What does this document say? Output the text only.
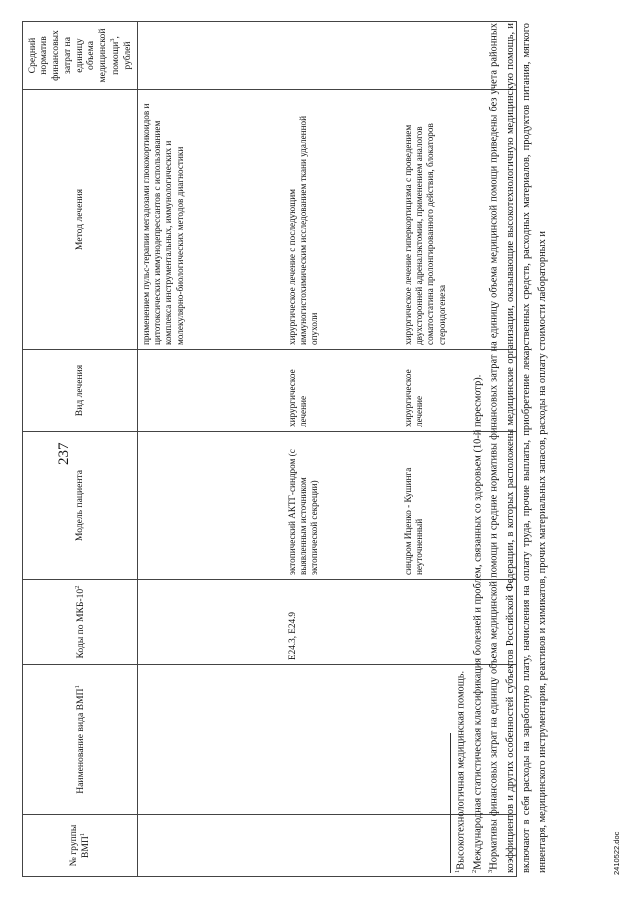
237
№ группы ВМП$^1$	Наименование вида ВМП$^1$	Коды по МКБ-$10^2$	Модель пациента	Вид лечения	Метод лечения	Средний норматив финансовых затрат на единицу объема медицинской помощи$^3$, рублей
					применением пульс-терапии мегадозами глюкокортикоидов и цитотоксических иммунодепрессантов с использованием комплекса инструментальных, иммунологических и молекулярно-биологических методов диагностики	
		E24.3, E24.9	эктопический АКТГ-синдром (с выявленным источником эктопической секреции)	хирургическое лечение	хирургическое лечение с последующим иммуногистохимическим исследованием ткани удаленной опухоли	
			синдром Иценко - Кушинга неуточненный	хирургическое лечение	хирургическое лечение гиперкортицизма с проведением двухсторонней адреналэктомии, применением аналогов соматостатина пролонгированного действия, блокаторов стероидогенеза	

$^1$Высокотехнологичная медицинская помощь.

$^2$Международная статистическая классификация болезней и проблем, связанных со здоровьем (10-й пересмотр).

$^3$Нормативы финансовых затрат на единицу объема медицинской помощи и средние нормативы финансовых затрат на единицу объема медицинской помощи приведены без учета районных коэффициентов и других особенностей субъектов Российской Федерации, в которых расположены медицинские организации, оказывающие высокотехнологичную медицинскую помощь, и включают в себя расходы на заработную плату, начисления на оплату труда, прочие выплаты, приобретение лекарственных средств, расходных материалов, продуктов питания, мягкого инвентаря, медицинского инструментария, реактивов и химикатов, прочих материальных запасов, расходы на оплату стоимости лабораторных и	2410522.doc
